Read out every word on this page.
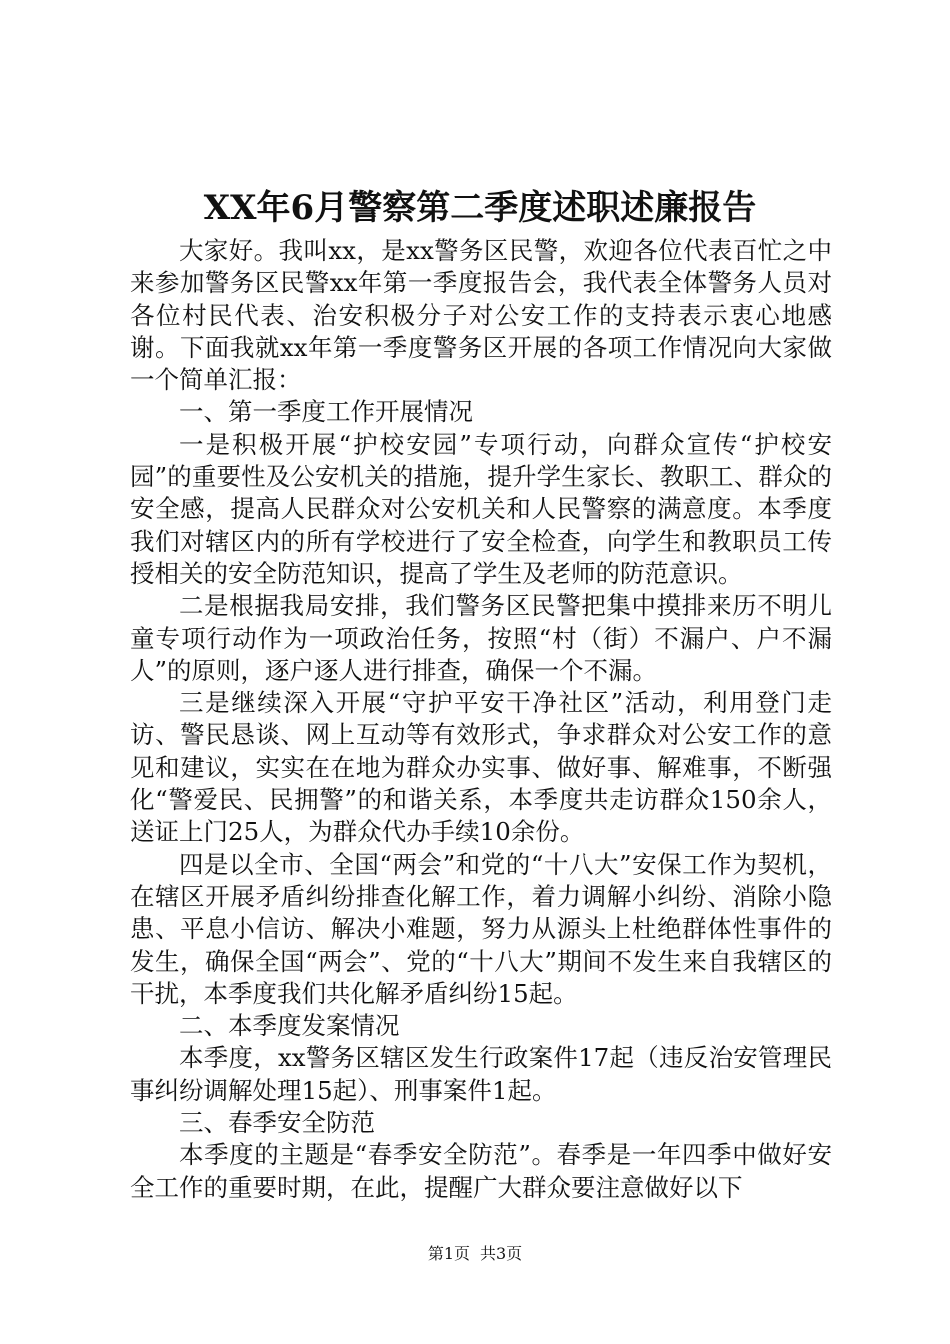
XX年6月警察第二季度述职述廉报告

大家好。我叫xx，是xx警务区民警，欢迎各位代表百忙之中来参加警务区民警xx年第一季度报告会，我代表全体警务人员对各位村民代表、治安积极分子对公安工作的支持表示衷心地感谢。下面我就xx年第一季度警务区开展的各项工作情况向大家做一个简单汇报：

一、第一季度工作开展情况

一是积极开展“护校安园”专项行动，向群众宣传“护校安园”的重要性及公安机关的措施，提升学生家长、教职工、群众的安全感，提高人民群众对公安机关和人民警察的满意度。本季度我们对辖区内的所有学校进行了安全检查，向学生和教职员工传授相关的安全防范知识，提高了学生及老师的防范意识。

二是根据我局安排，我们警务区民警把集中摸排来历不明儿童专项行动作为一项政治任务，按照“村（街）不漏户、户不漏人”的原则，逐户逐人进行排查，确保一个不漏。

三是继续深入开展“守护平安干净社区”活动，利用登门走访、警民恳谈、网上互动等有效形式，争求群众对公安工作的意见和建议，实实在在地为群众办实事、做好事、解难事，不断强化“警爱民、民拥警”的和谐关系，本季度共走访群众150余人，送证上门25人，为群众代办手续10余份。

四是以全市、全国“两会”和党的“十八大”安保工作为契机，在辖区开展矛盾纠纷排查化解工作，着力调解小纠纷、消除小隐患、平息小信访、解决小难题，努力从源头上杜绝群体性事件的发生，确保全国“两会”、党的“十八大”期间不发生来自我辖区的干扰，本季度我们共化解矛盾纠纷15起。

二、本季度发案情况

本季度，xx警务区辖区发生行政案件17起（违反治安管理民事纠纷调解处理15起）、刑事案件1起。

三、春季安全防范

本季度的主题是“春季安全防范”。春季是一年四季中做好安全工作的重要时期，在此，提醒广大群众要注意做好以下

第1页 共3页
